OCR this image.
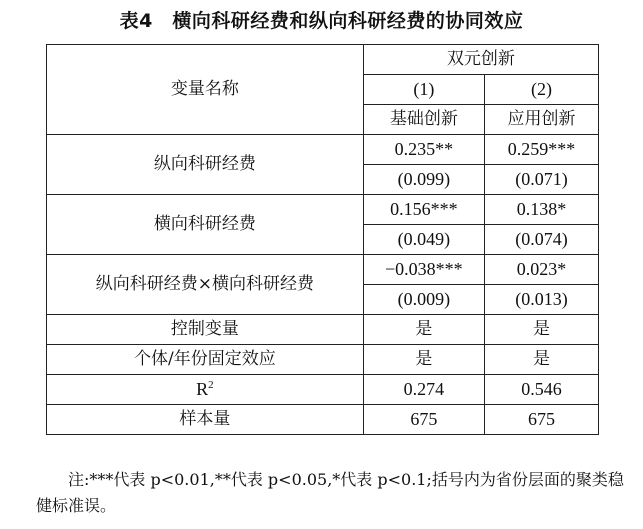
表4　横向科研经费和纵向科研经费的协同效应
变量名称	双元创新	
	(1)	(2)
	基础创新	应用创新
纵向科研经费	0.235**	0.259***
	(0.099)	(0.071)
横向科研经费	0.156***	0.138*
	(0.049)	(0.074)
纵向科研经费×横向科研经费	−0.038***	0.023*
	(0.009)	(0.013)
控制变量	是	是
个体/年份固定效应	是	是
$R^2$	0.274	0.546
样本量	675	675
注:***代表 p<0.01,**代表 p<0.05,*代表 p<0.1;括号内为省份层面的聚类稳健标准误。
